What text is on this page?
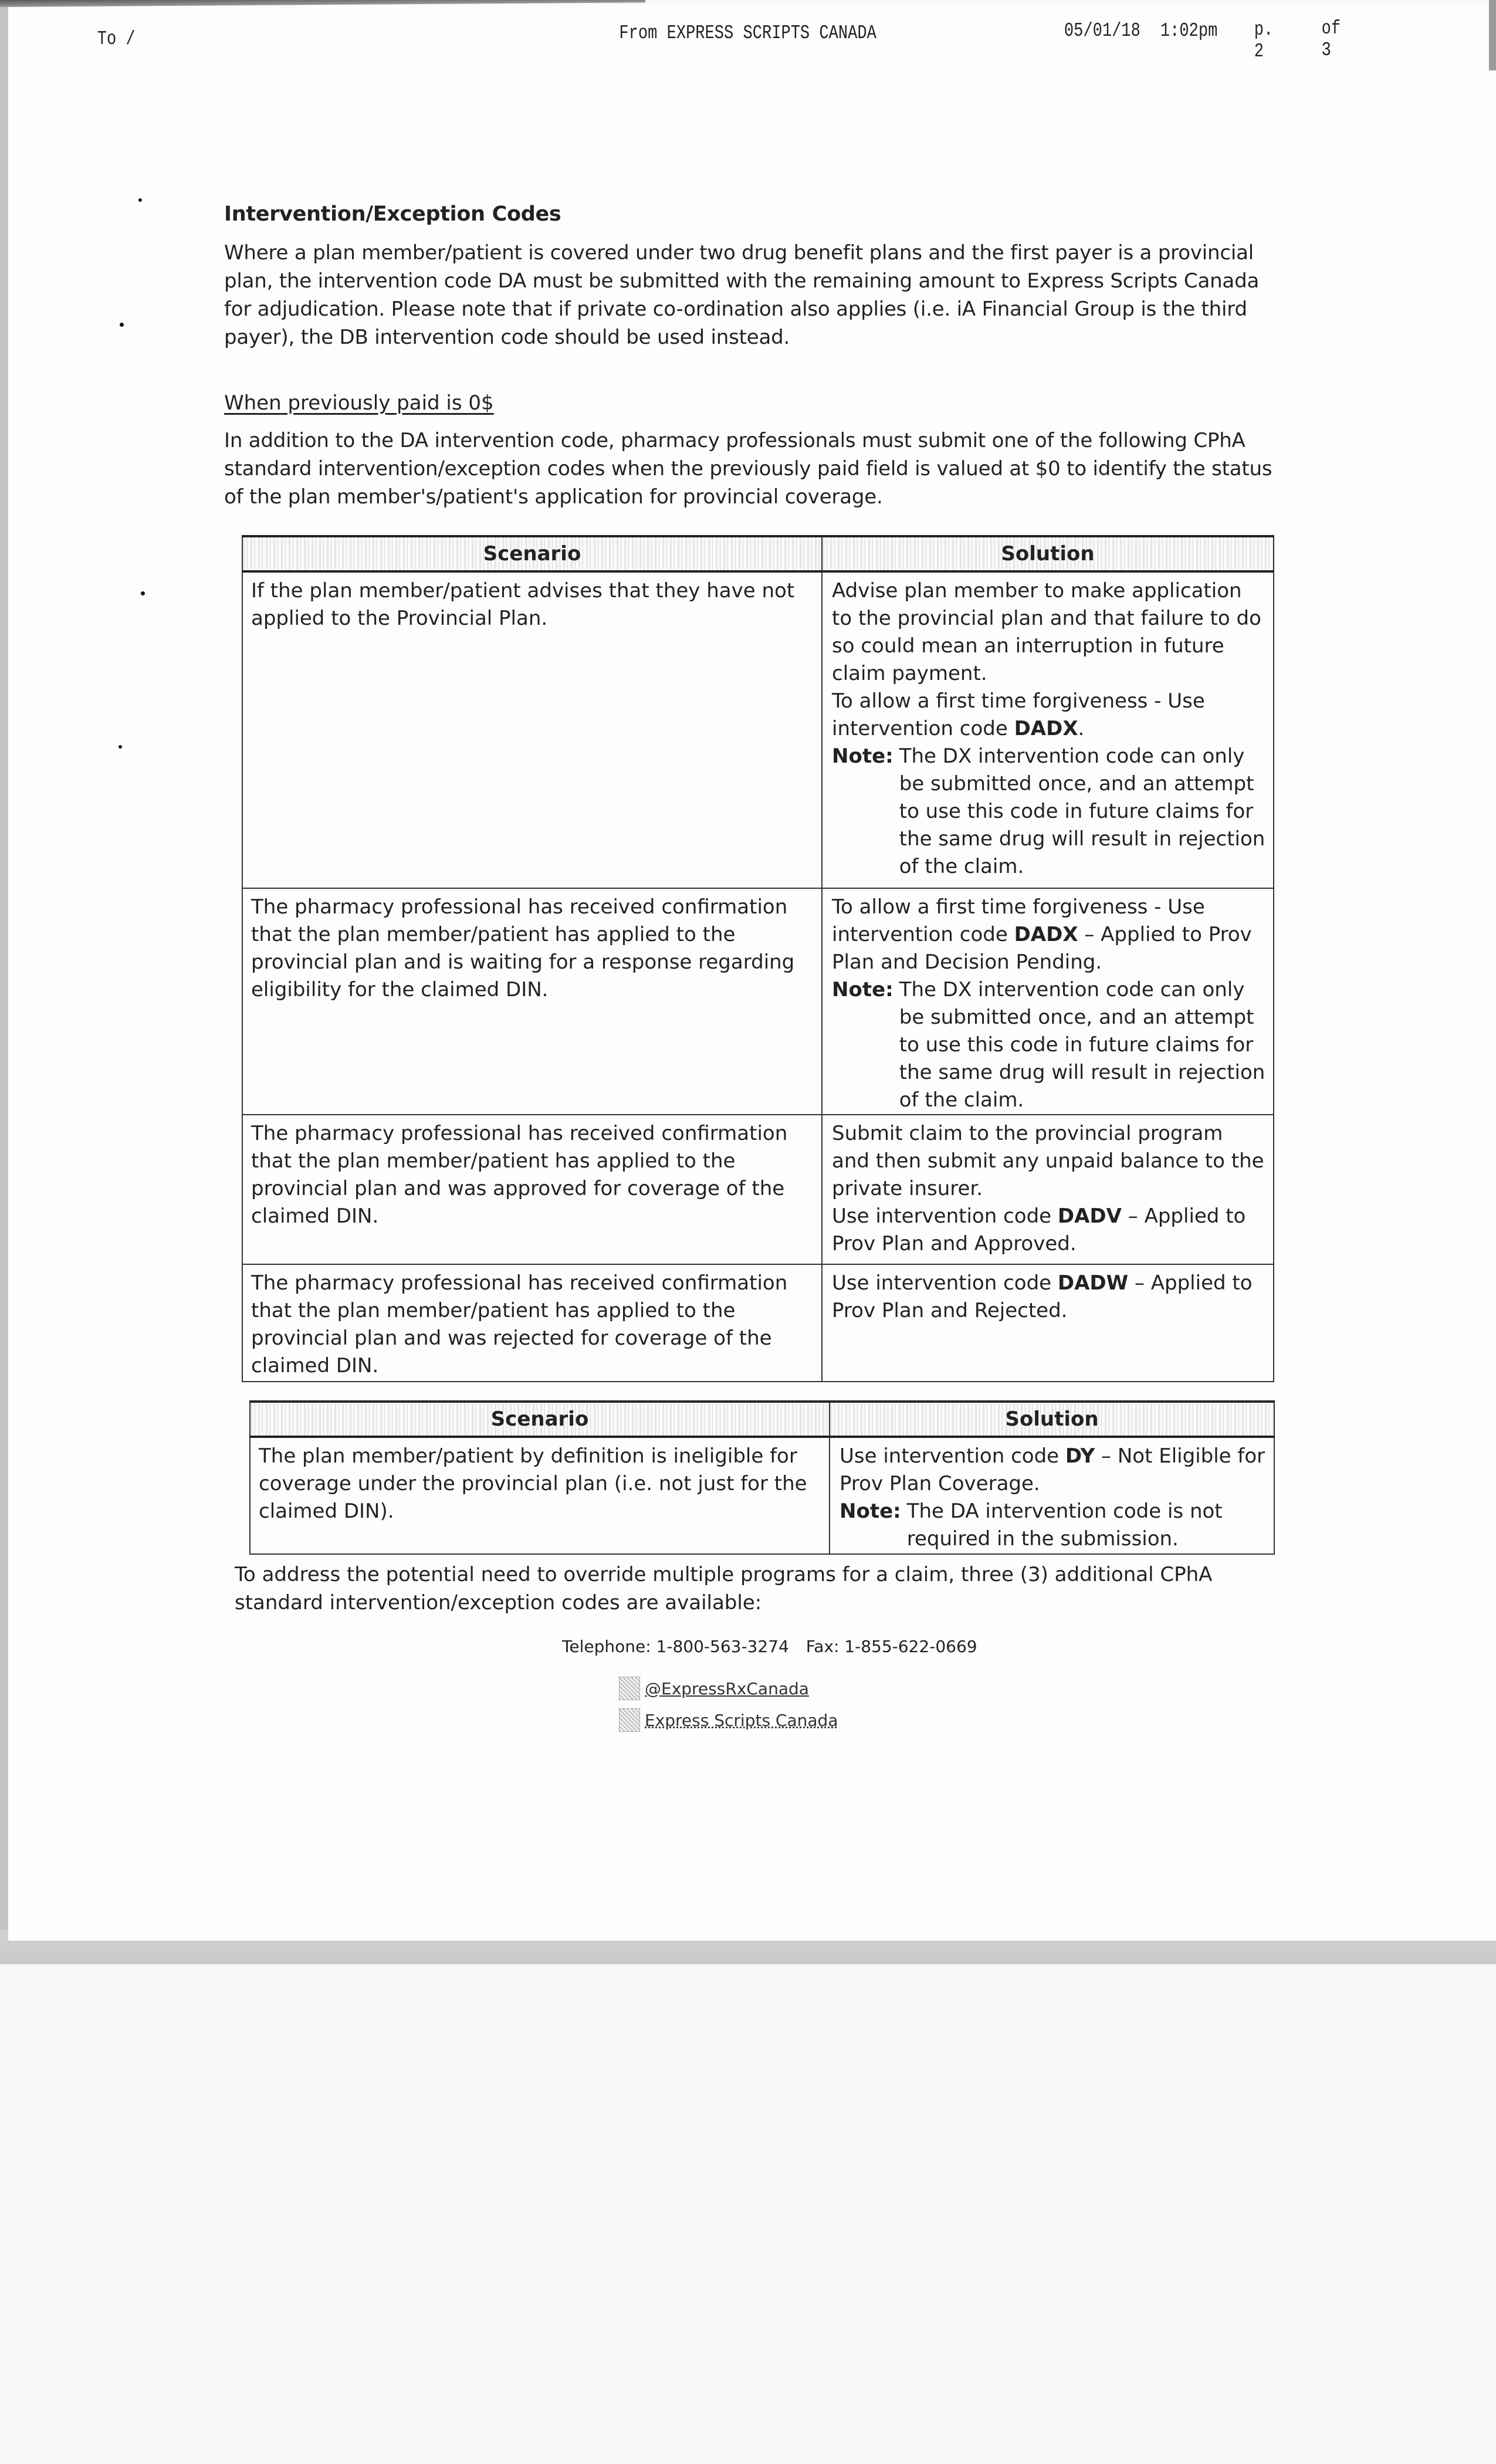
To /	From EXPRESS SCRIPTS CANADA	05/01/18 1:02pm p. 2
of 3
Intervention/Exception Codes

Where a plan member/patient is covered under two drug benefit plans and the first payer is a provincial plan, the intervention code DA must be submitted with the remaining amount to Express Scripts Canada for adjudication. Please note that if private co-ordination also applies (i.e. iA Financial Group is the third payer), the DB intervention code should be used instead.

When previously paid is 0$

In addition to the DA intervention code, pharmacy professionals must submit one of the following CPhA standard intervention/exception codes when the previously paid field is valued at $0 to identify the status of the plan member's/patient's application for provincial coverage.

Scenario	Solution
If the plan member/patient advises that they have not applied to the Provincial Plan.	Advise plan member to make application to the provincial plan and that failure to do so could mean an interruption in future claim payment.
To allow a first time forgiveness - Use intervention code DADX.
Note: The DX intervention code can only be submitted once, and an attempt to use this code in future claims for the same drug will result in rejection of the claim.

The pharmacy professional has received confirmation that the plan member/patient has applied to the provincial plan and is waiting for a response regarding eligibility for the claimed DIN.	To allow a first time forgiveness - Use intervention code DADX – Applied to Prov Plan and Decision Pending.
Note: The DX intervention code can only be submitted once, and an attempt to use this code in future claims for the same drug will result in rejection of the claim.

The pharmacy professional has received confirmation that the plan member/patient has applied to the provincial plan and was approved for coverage of the claimed DIN.	Submit claim to the provincial program and then submit any unpaid balance to the private insurer.
Use intervention code DADV – Applied to Prov Plan and Approved.

The pharmacy professional has received confirmation that the plan member/patient has applied to the provincial plan and was rejected for coverage of the claimed DIN.	Use intervention code DADW – Applied to Prov Plan and Rejected.
Scenario	Solution
The plan member/patient by definition is ineligible for coverage under the provincial plan (i.e. not just for the claimed DIN).	Use intervention code DY – Not Eligible for Prov Plan Coverage.
Note: The DA intervention code is not required in the submission.
To address the potential need to override multiple programs for a claim, three (3) additional CPhA standard intervention/exception codes are available:
Telephone: 1-800-563-3274 Fax: 1-855-622-0669
@ExpressRxCanada
Express Scripts Canada
